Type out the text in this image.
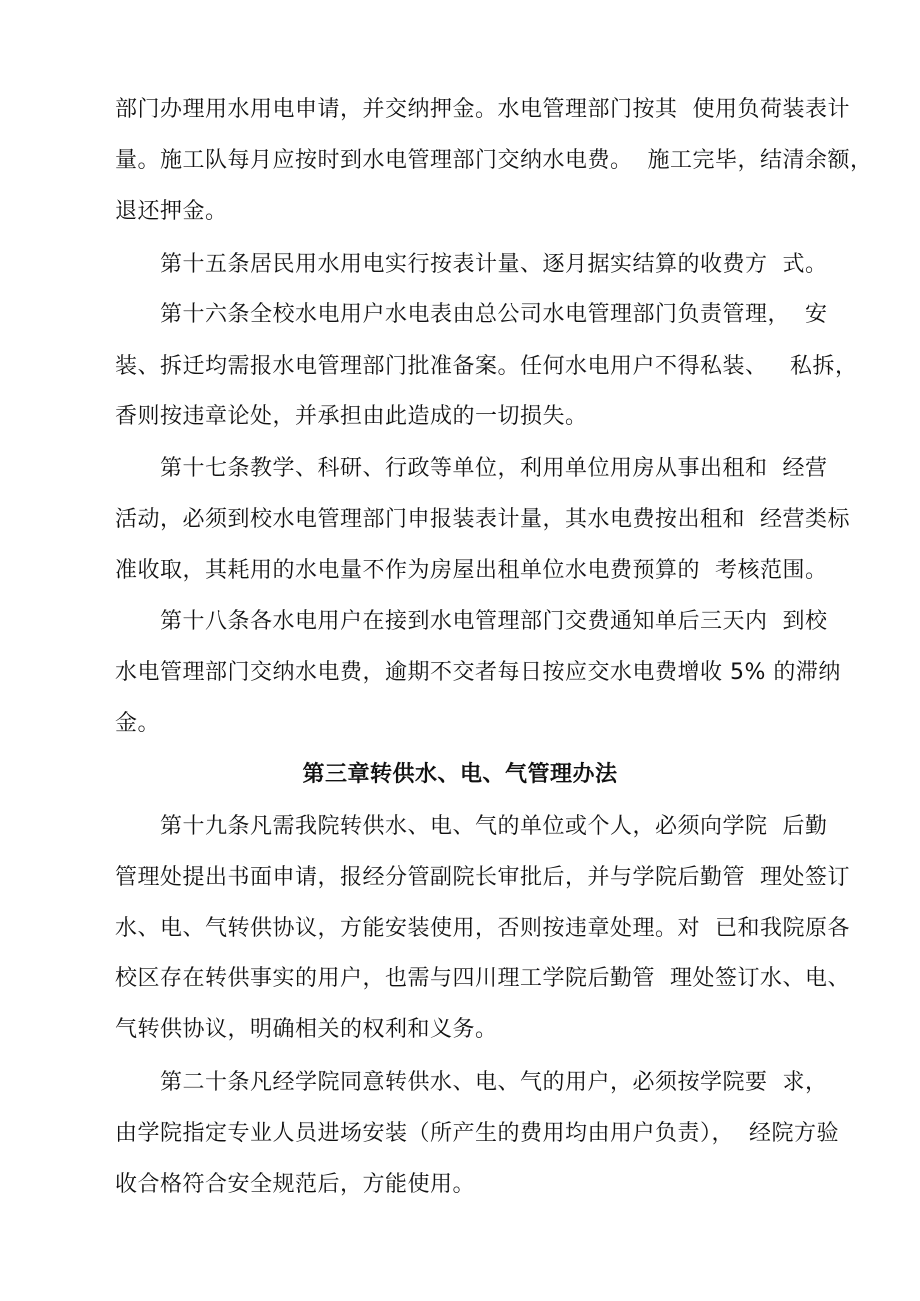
部门办理用水用电申请，并交纳押金。水电管理部门按其  使用负荷装表计
量。施工队每月应按时到水电管理部门交纳水电费。  施工完毕，结清余额，
退还押金。
第十五条居民用水用电实行按表计量、逐月据实结算的收费方  式。
第十六条全校水电用户水电表由总公司水电管理部门负责管理，  安
装、拆迁均需报水电管理部门批准备案。任何水电用户不得私装、   私拆，
香则按违章论处，并承担由此造成的一切损失。
第十七条教学、科研、行政等单位，利用单位用房从事出租和  经营
活动，必须到校水电管理部门申报装表计量，其水电费按出租和  经营类标
准收取，其耗用的水电量不作为房屋出租单位水电费预算的  考核范围。
第十八条各水电用户在接到水电管理部门交费通知单后三天内  到校
水电管理部门交纳水电费，逾期不交者每日按应交水电费增收 5% 的滞纳
金。
第三章转供水、电、气管理办法
第十九条凡需我院转供水、电、气的单位或个人，必须向学院  后勤
管理处提出书面申请，报经分管副院长审批后，并与学院后勤管  理处签订
水、电、气转供协议，方能安装使用，否则按违章处理。对  已和我院原各
校区存在转供事实的用户，也需与四川理工学院后勤管  理处签订水、电、
气转供协议，明确相关的权利和义务。
第二十条凡经学院同意转供水、电、气的用户，必须按学院要  求，
由学院指定专业人员进场安装（所产生的费用均由用户负责），  经院方验
收合格符合安全规范后，方能使用。
